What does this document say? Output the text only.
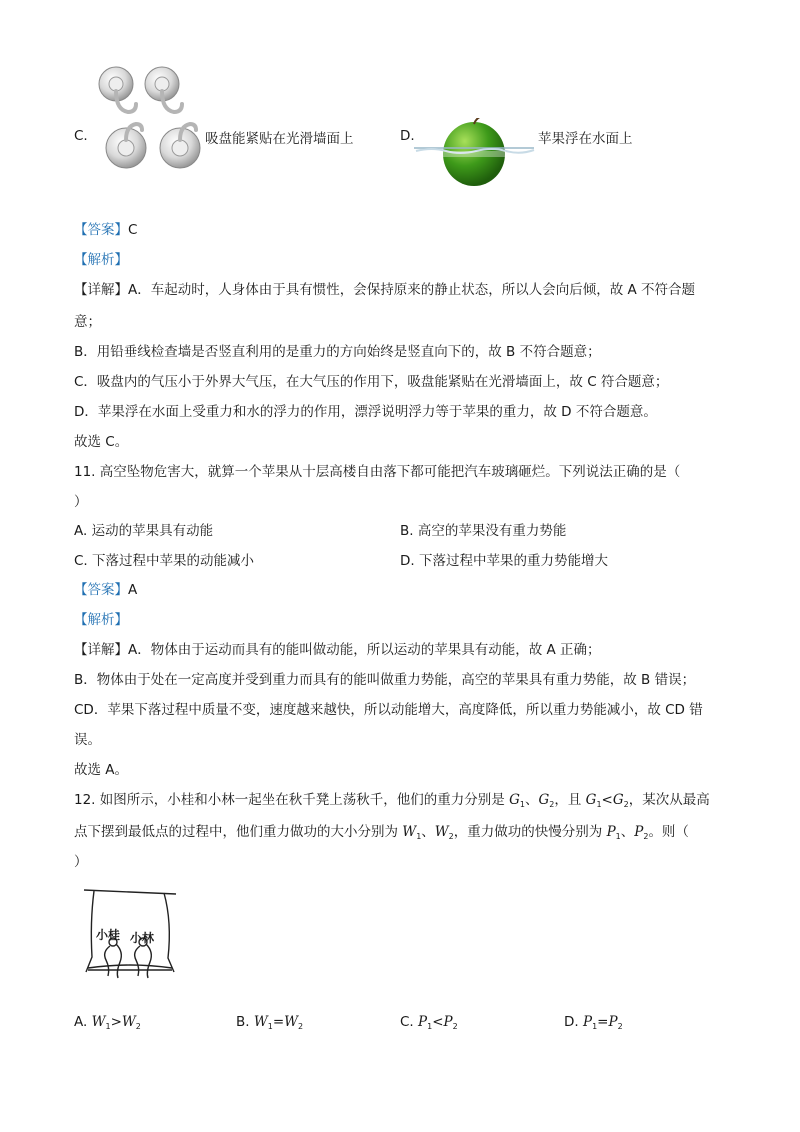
C.	吸盘能紧贴在光滑墙面上	D.	苹果浮在水面上
【答案】C
【解析】
【详解】A．车起动时，人身体由于具有惯性，会保持原来的静止状态，所以人会向后倾，故 A 不符合题
意；
B．用铅垂线检查墙是否竖直利用的是重力的方向始终是竖直向下的，故 B 不符合题意；
C．吸盘内的气压小于外界大气压，在大气压的作用下，吸盘能紧贴在光滑墙面上，故 C 符合题意；
D．苹果浮在水面上受重力和水的浮力的作用，漂浮说明浮力等于苹果的重力，故 D 不符合题意。
故选 C。
11. 高空坠物危害大，就算一个苹果从十层高楼自由落下都可能把汽车玻璃砸烂。下列说法正确的是（
）
A. 运动的苹果具有动能	B. 高空的苹果没有重力势能
C. 下落过程中苹果的动能减小	D. 下落过程中苹果的重力势能增大
【答案】A
【解析】
【详解】A．物体由于运动而具有的能叫做动能，所以运动的苹果具有动能，故 A 正确；
B．物体由于处在一定高度并受到重力而具有的能叫做重力势能，高空的苹果具有重力势能，故 B 错误；
CD．苹果下落过程中质量不变，速度越来越快，所以动能增大，高度降低，所以重力势能减小，故 CD 错
误。
故选 A。
12. 如图所示，小桂和小林一起坐在秋千凳上荡秋千，他们的重力分别是 $G_1$、$G_2$，且 $G_1<G_2$，某次从最高
点下摆到最低点的过程中，他们重力做功的大小分别为 $W_1$、$W_2$，重力做功的快慢分别为 $P_1$、$P_2$。则（
）
小桂 小林
A. $W_1>W_2$	B. $W_1=W_2$	C. $P_1<P_2$	D. $P_1=P_2$
